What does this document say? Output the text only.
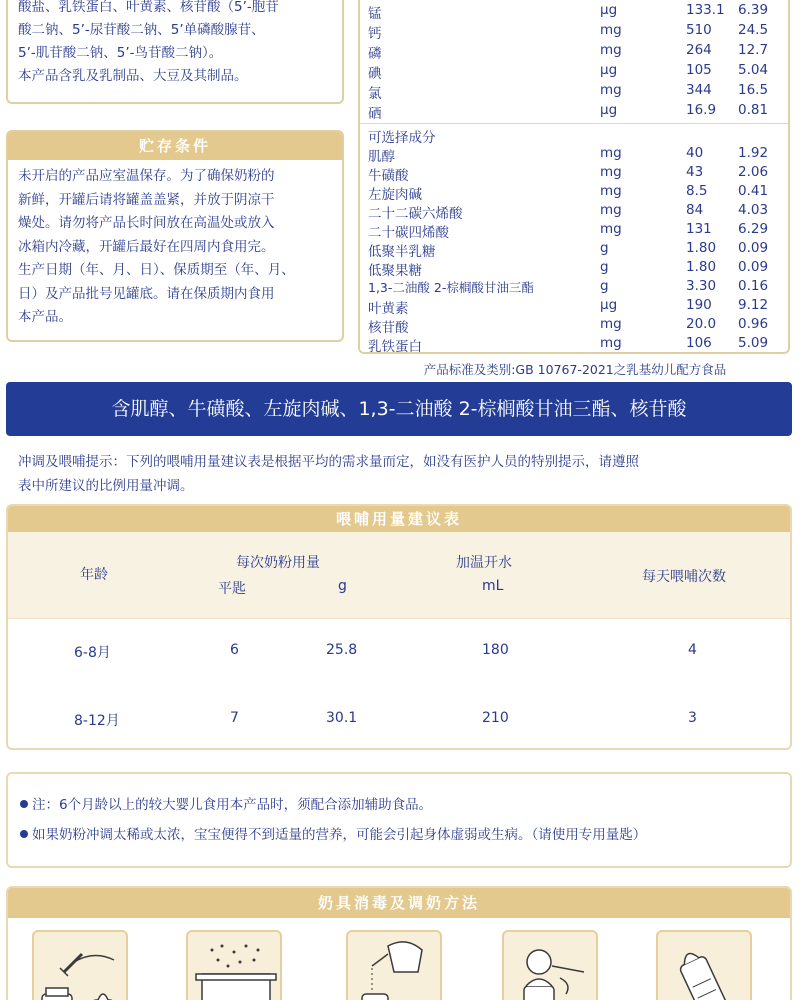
酸盐、乳铁蛋白、叶黄素、核苷酸（5’-胞苷

酸二钠、5’-尿苷酸二钠、5’单磷酸腺苷、

5’-肌苷酸二钠、5’-鸟苷酸二钠）。

本产品含乳及乳制品、大豆及其制品。

贮存条件
未开启的产品应室温保存。为了确保奶粉的
新鲜，开罐后请将罐盖盖紧，并放于阴凉干
燥处。请勿将产品长时间放在高温处或放入
冰箱内冷藏，开罐后最好在四周内食用完。
生产日期（年、月、日）、保质期至（年、月、
日）及产品批号见罐底。请在保质期内食用
本产品。
锰	μg	133.1 6.39
钙	mg	510 24.5
磷	mg	264 12.7
碘	μg	105 5.04
氯	mg	344 16.5
硒	μg	16.9 0.81
可选择成分
肌醇	mg	40	1.92
牛磺酸	mg	43	2.06
左旋肉碱	mg	8.5 0.41
二十二碳六烯酸	mg	84	4.03
二十碳四烯酸	mg	131 6.29
低聚半乳糖	g	1.80 0.09
低聚果糖	g	1.80 0.09
1,3-二油酸 2-棕榈酸甘油三酯	g	3.30 0.16
叶黄素	μg	190 9.12
核苷酸	mg	20.0 0.96
乳铁蛋白	mg	106 5.09
产品标准及类别:GB 10767-2021之乳基幼儿配方食品
含肌醇、牛磺酸、左旋肉碱、1,3-二油酸 2-棕榈酸甘油三酯、核苷酸
冲调及喂哺提示：下列的喂哺用量建议表是根据平均的需求量而定，如没有医护人员的特别提示，请遵照
表中所建议的比例用量冲调。
喂哺用量建议表
年龄
每次奶粉用量
平匙	g
加温开水
mL
每天喂哺次数
6-8月	6	25.8	180	4
8-12月	7	30.1	210	3
注：6个月龄以上的较大婴儿食用本产品时，须配合添加辅助食品。
如果奶粉冲调太稀或太浓，宝宝便得不到适量的营养，可能会引起身体虚弱或生病。（请使用专用量匙）
奶具消毒及调奶方法
